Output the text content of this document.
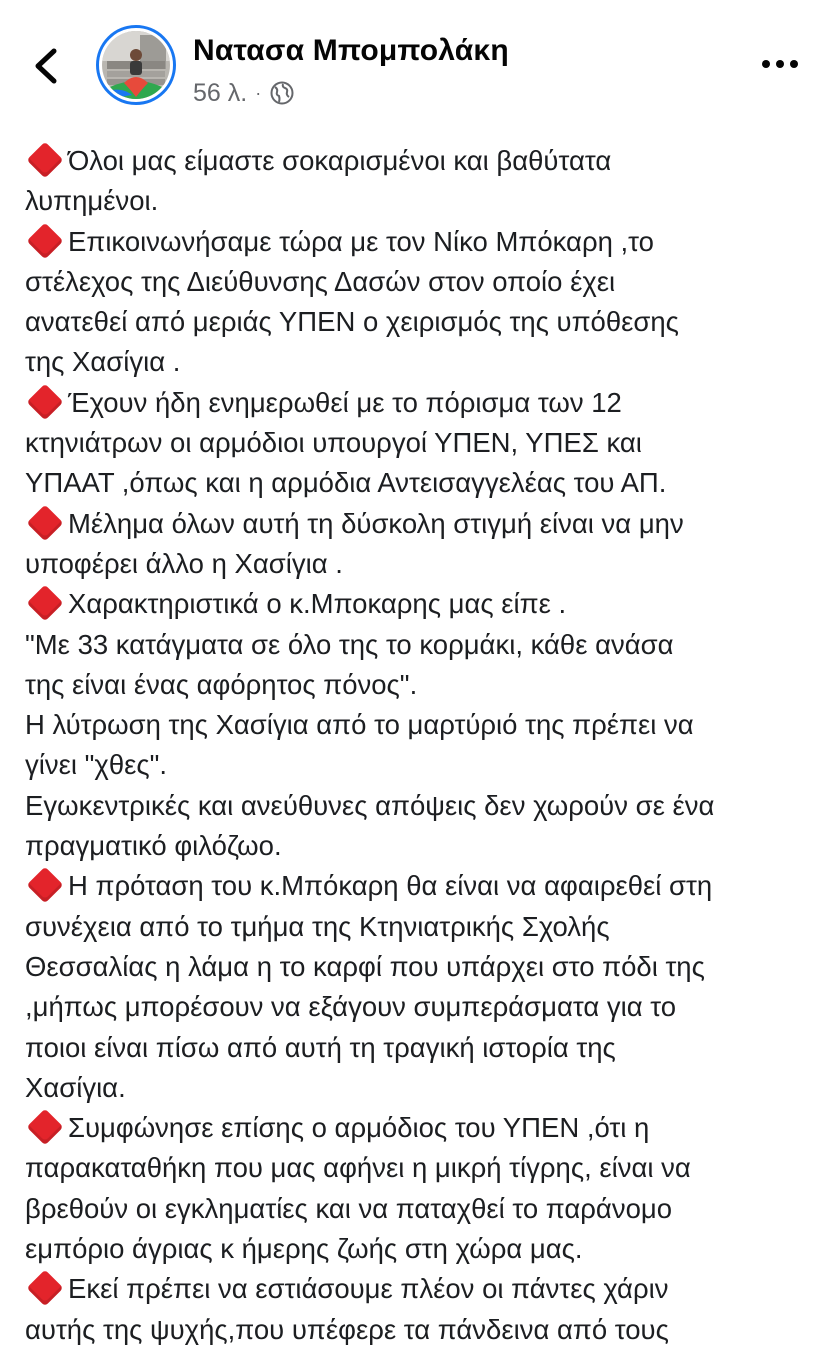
Νατασα Μπομπολάκη
56 λ. ·
Όλοι μας είμαστε σοκαρισμένοι και βαθύτατα
λυπημένοι.
Επικοινωνήσαμε τώρα με τον Νίκο Μπόκαρη ,το
στέλεχος της Διεύθυνσης Δασών στον οποίο έχει
ανατεθεί από μεριάς ΥΠΕΝ ο χειρισμός της υπόθεσης
της Χασίγια .
Έχουν ήδη ενημερωθεί με το πόρισμα των 12
κτηνιάτρων οι αρμόδιοι υπουργοί ΥΠΕΝ, ΥΠΕΣ και
ΥΠΑΑΤ ,όπως και η αρμόδια Αντεισαγγελέας του ΑΠ.
Μέλημα όλων αυτή τη δύσκολη στιγμή είναι να μην
υποφέρει άλλο η Χασίγια .
Χαρακτηριστικά ο κ.Μποκαρης μας είπε .
"Με 33 κατάγματα σε όλο της το κορμάκι, κάθε ανάσα
της είναι ένας αφόρητος πόνος".
Η λύτρωση της Χασίγια από το μαρτύριό της πρέπει να
γίνει "χθες".
Εγωκεντρικές και ανεύθυνες απόψεις δεν χωρούν σε ένα
πραγματικό φιλόζωο.
Η πρόταση του κ.Μπόκαρη θα είναι να αφαιρεθεί στη
συνέχεια από το τμήμα της Κτηνιατρικής Σχολής
Θεσσαλίας η λάμα η το καρφί που υπάρχει στο πόδι της
,μήπως μπορέσουν να εξάγουν συμπεράσματα για το
ποιοι είναι πίσω από αυτή τη τραγική ιστορία της
Χασίγια.
Συμφώνησε επίσης ο αρμόδιος του ΥΠΕΝ ,ότι η
παρακαταθήκη που μας αφήνει η μικρή τίγρης, είναι να
βρεθούν οι εγκληματίες και να παταχθεί το παράνομο
εμπόριο άγριας κ ήμερης ζωής στη χώρα μας.
Εκεί πρέπει να εστιάσουμε πλέον οι πάντες χάριν
αυτής της ψυχής,που υπέφερε τα πάνδεινα από τους
